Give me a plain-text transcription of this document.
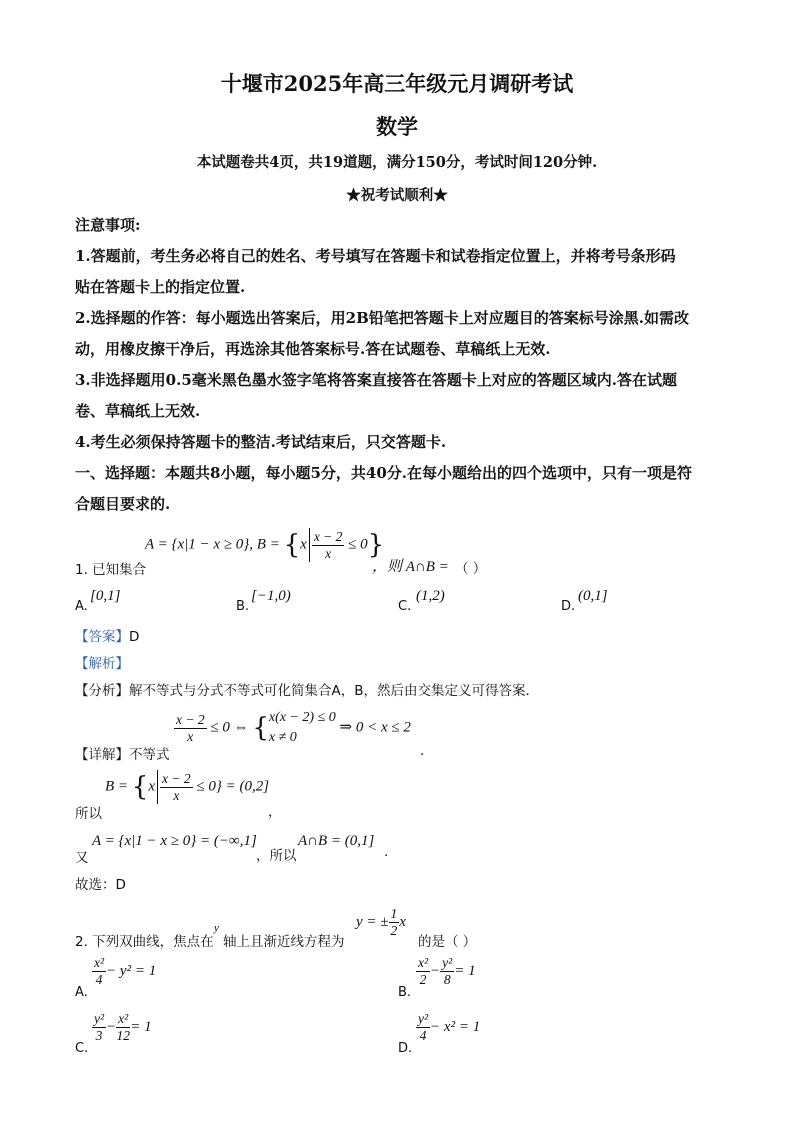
十堰市2025年高三年级元月调研考试
数学
本试题卷共4页，共19道题，满分150分，考试时间120分钟.
★祝考试顺利★
注意事项:
1.答题前，考生务必将自己的姓名、考号填写在答题卡和试卷指定位置上，并将考号条形码
贴在答题卡上的指定位置.
2.选择题的作答：每小题选出答案后，用2B铅笔把答题卡上对应题目的答案标号涂黑.如需改
动，用橡皮擦干净后，再选涂其他答案标号.答在试题卷、草稿纸上无效.
3.非选择题用0.5毫米黑色墨水签字笔将答案直接答在答题卡上对应的答题区域内.答在试题
卷、草稿纸上无效.
4.考生必须保持答题卡的整洁.考试结束后，只交答题卡.
一、选择题：本题共8小题，每小题5分，共40分.在每小题给出的四个选项中，只有一项是符
合题目要求的.
1. 已知集合
A = {x|1 − x ≥ 0}, $B = \{x \frac{x - 2}{x} \le 0\}$
，则 A∩B = （ ）
A.
[0,1]
B.
[−1,0)
C.
(1,2)
D.
(0,1]
【答案】D
【解析】
【分析】解不等式与分式不等式可化简集合A，B，然后由交集定义可得答案.
【详解】不等式
$\frac{x - 2}{x} \le 0$ ⇔ { x(x − 2) ≤ 0
x ≠ 0
⇒ 0 < x ≤ 2
.
所以
$B = \{x \frac{x - 2}{x} \le 0\} = (0,2]$
，
又
A = {x|1 − x ≥ 0} = (−∞,1]
，所以
A∩B = (0,1]
.
故选：D
2. 下列双曲线，焦点在
y
轴上且渐近线方程为
y = ± $\frac{1}{2}$ x
的是（ ）
A.
$\frac{\text{x²}}{4} - y^2 = 1$
B.
$\frac{\text{x²}}{2} - \frac{\text{y²}}{8} = 1$
C.
$\frac{\text{y²}}{3} - \frac{\text{x²}}{12} = 1$
D.
$\frac{\text{y²}}{4} - x^2 = 1$
